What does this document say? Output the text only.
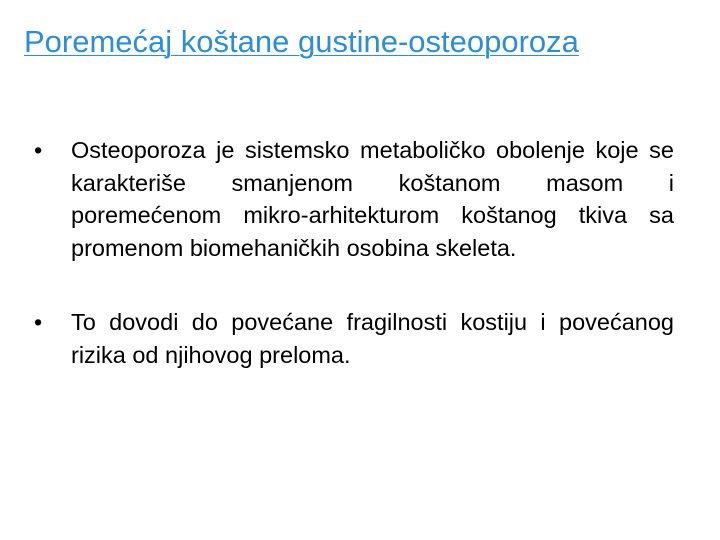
Poremećaj koštane gustine-osteoporoza
•	Osteoporoza je sistemsko metaboličko obolenje koje se karakteriše smanjenom koštanom masom i poremećenom mikro-arhitekturom koštanog tkiva sa promenom biomehaničkih osobina skeleta.
•	To dovodi do povećane fragilnosti kostiju i povećanog rizika od njihovog preloma.
